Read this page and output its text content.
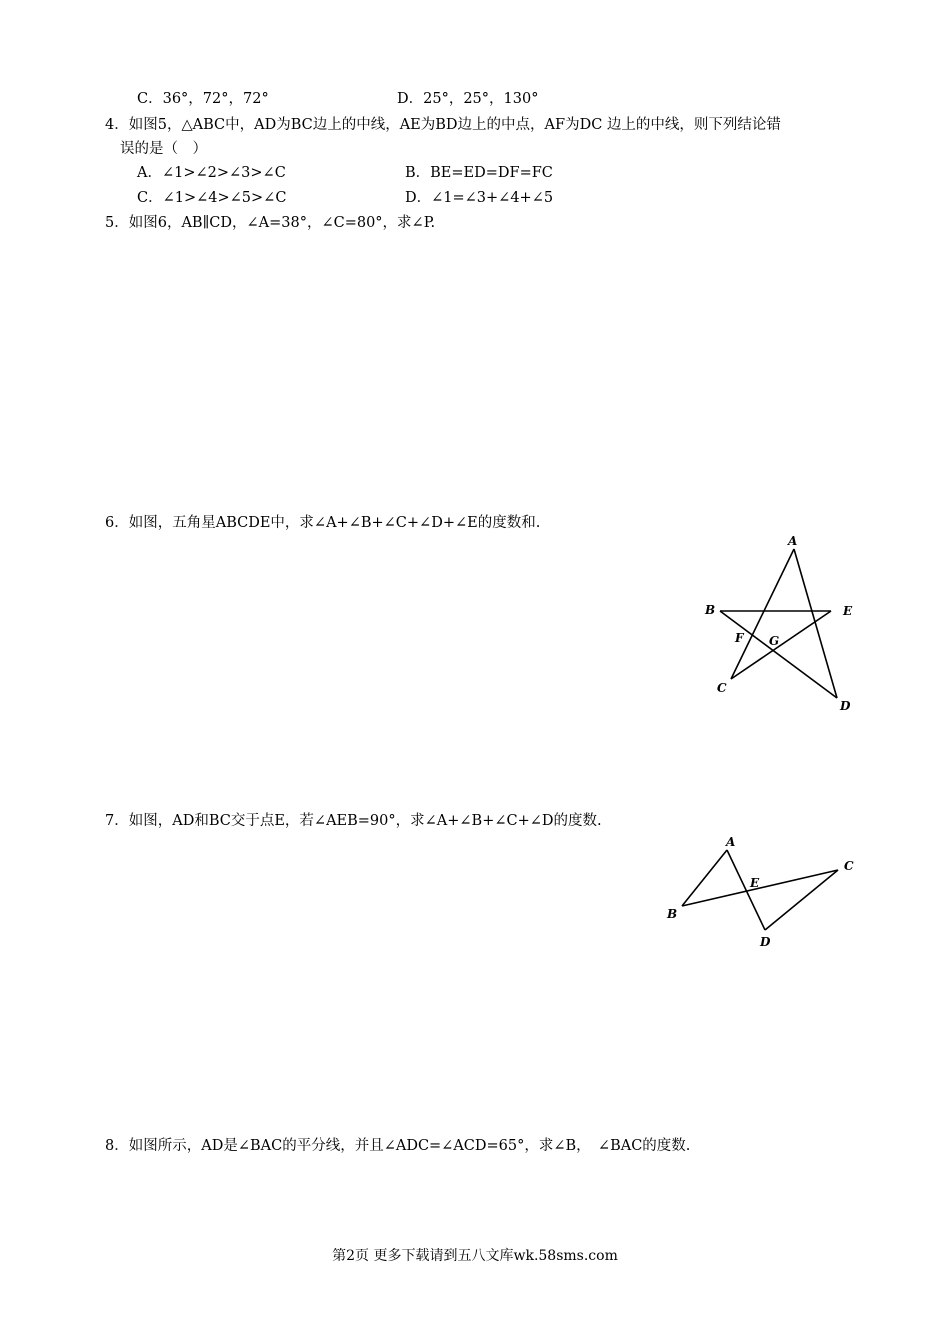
C．36°，72°，72°	D．25°，25°，130°
4．如图5，△ABC中，AD为BC边上的中线，AE为BD边上的中点，AF为DC 边上的中线，则下列结论错
误的是（　）
A．∠1>∠2>∠3>∠C	B．BE=ED=DF=FC
C．∠1>∠4>∠5>∠C	D．∠1=∠3+∠4+∠5
5．如图6，AB∥CD，∠A=38°，∠C=80°，求∠P.
6．如图，五角星ABCDE中，求∠A+∠B+∠C+∠D+∠E的度数和.
A
B
C
D
E
F G
7．如图，AD和BC交于点E，若∠AEB=90°，求∠A+∠B+∠C+∠D的度数.
A
B
C
D
E
8．如图所示，AD是∠BAC的平分线，并且∠ADC=∠ACD=65°，求∠B，　∠BAC的度数.
第2页 更多下载请到五八文库wk.58sms.com
